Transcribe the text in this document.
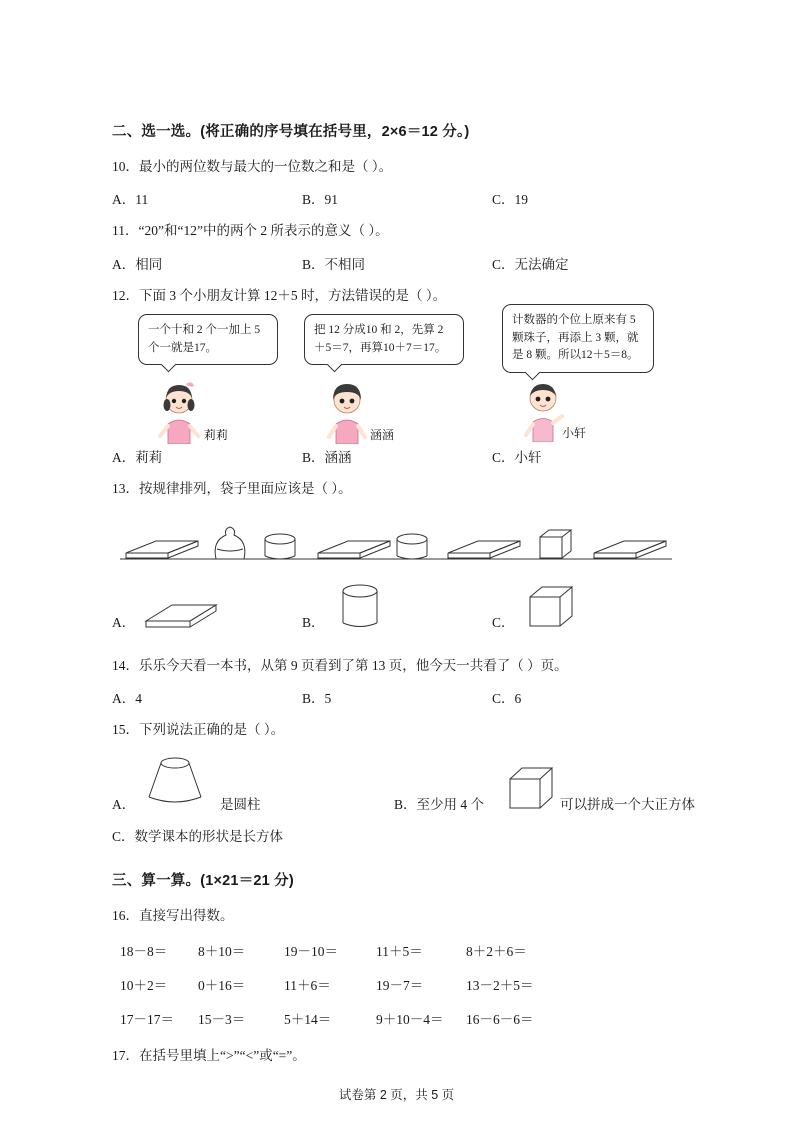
二、选一选。(将正确的序号填在括号里，2×6＝12 分。)
10．最小的两位数与最大的一位数之和是（ ）。
A．11	B．91	C．19
11．“20”和“12”中的两个 2 所表示的意义（ ）。
A．相同	B．不相同	C．无法确定
12．下面 3 个小朋友计算 12＋5 时，方法错误的是（ ）。
一个十和 2 个一加上 5 个一就是17。
把 12 分成10 和 2，先算 2＋5＝7，再算10＋7＝17。
计数器的个位上原来有 5 颗珠子，再添上 3 颗，就是 8 颗。所以12＋5＝8。
莉莉	涵涵	小轩
A．莉莉	B．涵涵	C．小轩
13．按规律排列，袋子里面应该是（ ）。
A．	B．	C．
14．乐乐今天看一本书，从第 9 页看到了第 13 页，他今天一共看了（ ）页。
A．4	B．5	C．6
15．下列说法正确的是（ ）。
A．	是圆柱	B．至少用 4 个	可以拼成一个大正方体
C．数学课本的形状是长方体
三、算一算。(1×21＝21 分)
16．直接写出得数。
18－8＝	8＋10＝	19－10＝	11＋5＝	8＋2＋6＝
10＋2＝	0＋16＝	11＋6＝	19－7＝	13－2＋5＝
17－17＝	15－3＝	5＋14＝	9＋10－4＝	16－6－6＝
17．在括号里填上“>”“<”或“=”。
试卷第 2 页，共 5 页
